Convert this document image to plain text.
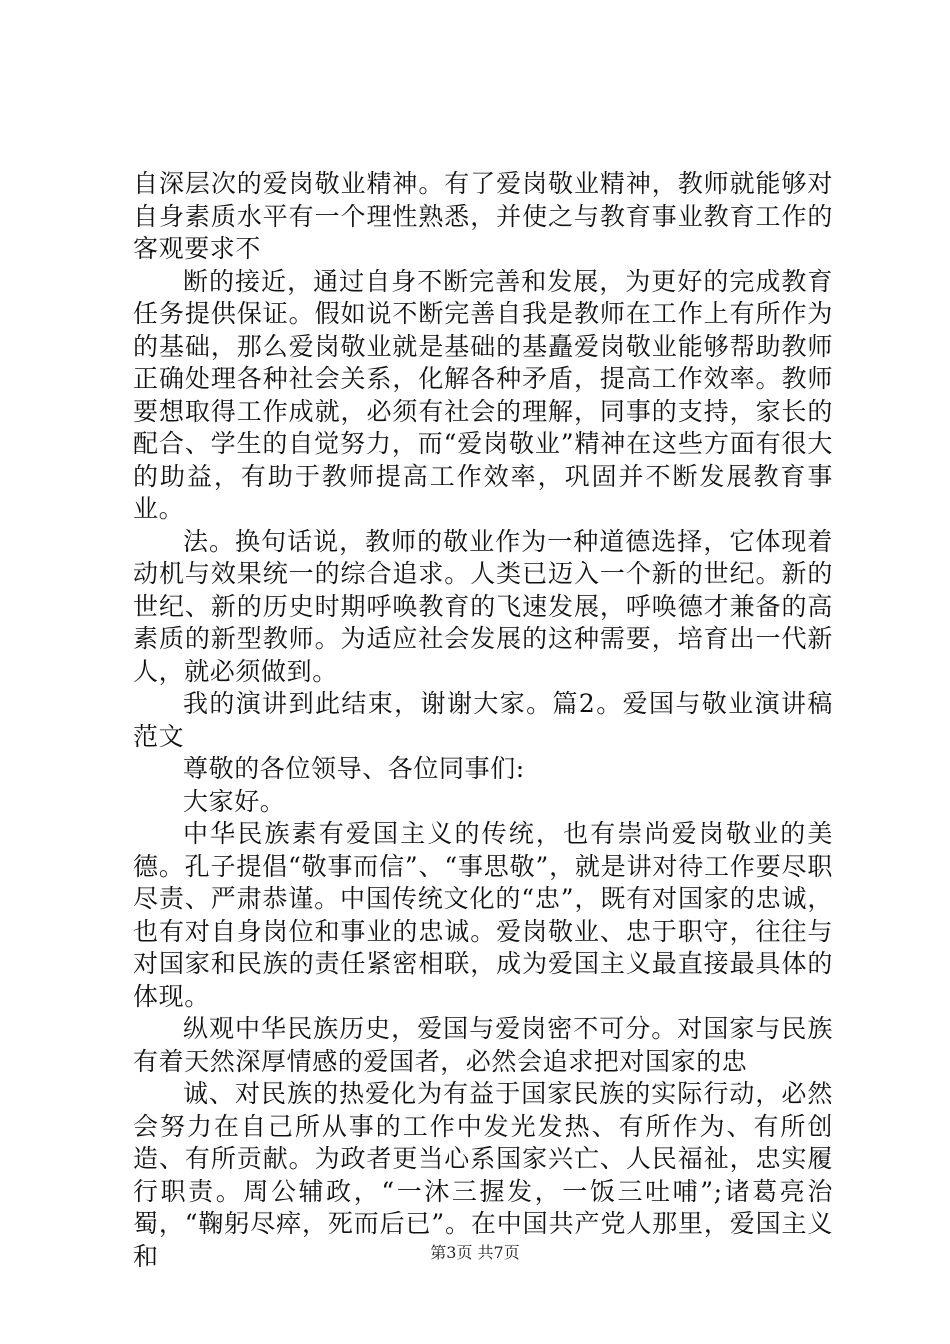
自深层次的爱岗敬业精神。有了爱岗敬业精神，教师就能够对自身素质水平有一个理性熟悉，并使之与教育事业教育工作的客观要求不

断的接近，通过自身不断完善和发展，为更好的完成教育任务提供保证。假如说不断完善自我是教师在工作上有所作为的基础，那么爱岗敬业就是基础的基矗爱岗敬业能够帮助教师正确处理各种社会关系，化解各种矛盾，提高工作效率。教师要想取得工作成就，必须有社会的理解，同事的支持，家长的配合、学生的自觉努力，而“爱岗敬业”精神在这些方面有很大的助益，有助于教师提高工作效率，巩固并不断发展教育事业。

法。换句话说，教师的敬业作为一种道德选择，它体现着动机与效果统一的综合追求。人类已迈入一个新的世纪。新的世纪、新的历史时期呼唤教育的飞速发展，呼唤德才兼备的高素质的新型教师。为适应社会发展的这种需要，培育出一代新人，就必须做到。

我的演讲到此结束，谢谢大家。篇2。爱国与敬业演讲稿范文

尊敬的各位领导、各位同事们:

大家好。

中华民族素有爱国主义的传统，也有崇尚爱岗敬业的美德。孔子提倡“敬事而信”、“事思敬”，就是讲对待工作要尽职尽责、严肃恭谨。中国传统文化的“忠”，既有对国家的忠诚，也有对自身岗位和事业的忠诚。爱岗敬业、忠于职守，往往与对国家和民族的责任紧密相联，成为爱国主义最直接最具体的体现。

纵观中华民族历史，爱国与爱岗密不可分。对国家与民族有着天然深厚情感的爱国者，必然会追求把对国家的忠

诚、对民族的热爱化为有益于国家民族的实际行动，必然会努力在自己所从事的工作中发光发热、有所作为、有所创造、有所贡献。为政者更当心系国家兴亡、人民福祉，忠实履行职责。周公辅政，“一沐三握发，一饭三吐哺”;诸葛亮治蜀，“鞠躬尽瘁，死而后已”。在中国共产党人那里，爱国主义和	第3页 共7页
